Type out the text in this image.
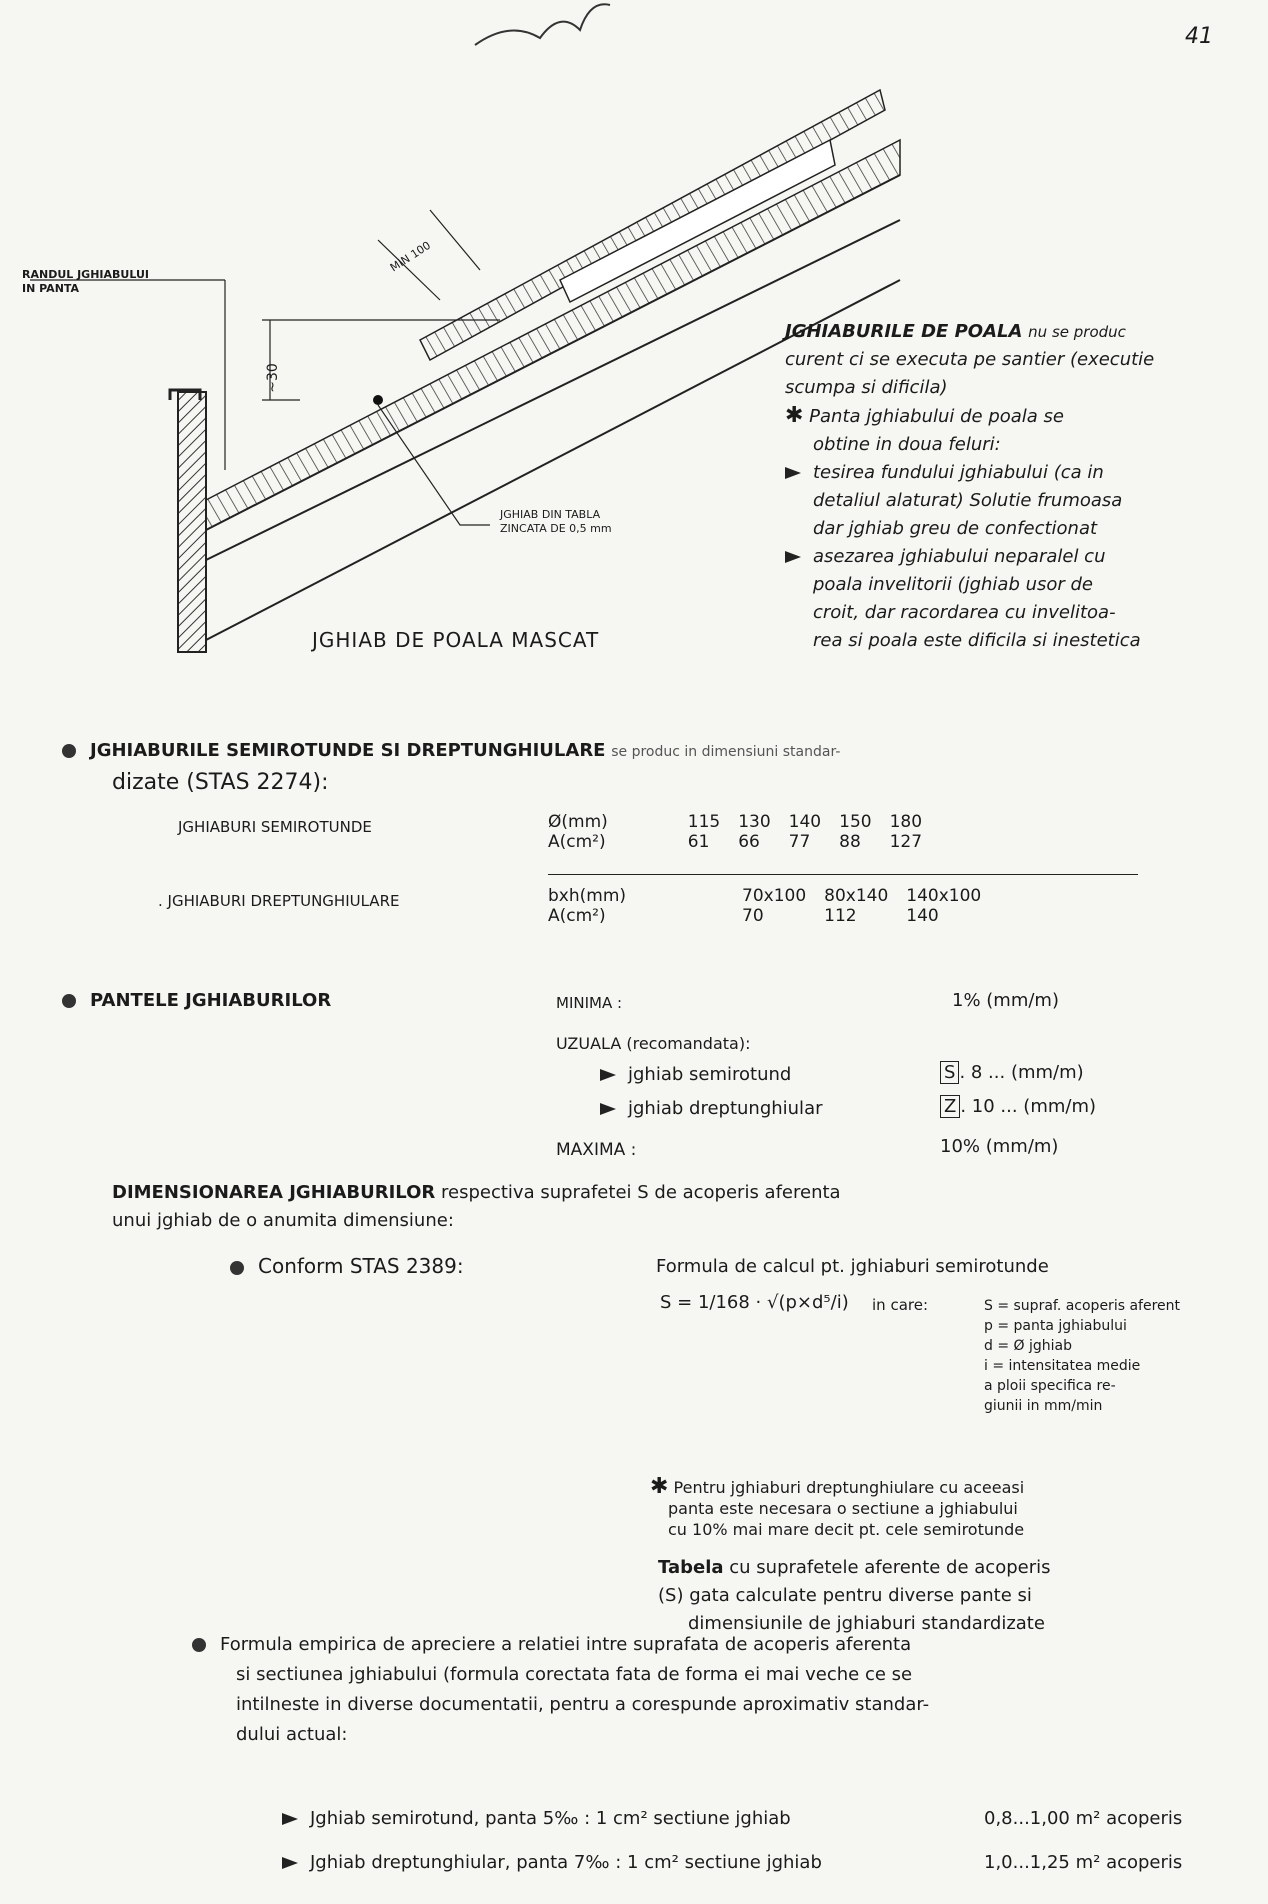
41
RANDUL JGHIABULUI
IN PANTA
MIN 100
~30
JGHIAB DIN TABLA
ZINCATA DE 0,5 mm
JGHIAB DE POALA MASCAT

JGHIABURILE DE POALA nu se produc

curent ci se executa pe santier (executie

scumpa si dificila)

✱ Panta jghiabului de poala se

obtine in doua feluri:

tesirea fundului jghiabului (ca in

detaliul alaturat) Solutie frumoasa

dar jghiab greu de confectionat

asezarea jghiabului neparalel cu

poala invelitorii (jghiab usor de

croit, dar racordarea cu invelitoa-

rea si poala este dificila si inestetica

JGHIABURILE SEMIROTUNDE SI DREPTUNGHIULARE se produc in dimensiuni standar-
dizate (STAS 2274):
JGHIABURI SEMIROTUNDE	Ø(mm)		115	130	140	150	180
A(cm²)		61	66	77	88	127
. JGHIABURI DREPTUNGHIULARE	bxh(mm)		70x100	80x140	140x100
A(cm²)		70	112	140
PANTELE JGHIABURILOR	MINIMA :	1% (mm/m)
UZUALA (recomandata):
jghiab semirotund	S . 8 ... (mm/m)
jghiab dreptunghiular	Z . 10 ... (mm/m)
MAXIMA :	10% (mm/m)
DIMENSIONAREA JGHIABURILOR respectiva suprafetei S de acoperis aferenta
unui jghiab de o anumita dimensiune:
Conform STAS 2389:	Formula de calcul pt. jghiaburi semirotunde
S = 1/168 · √(p×d⁵/i) in care:	S = supraf. acoperis aferent
p = panta jghiabului
d = Ø jghiab
i = intensitatea medie
a ploii specifica re-
giunii in mm/min
✱ Pentru jghiaburi dreptunghiulare cu aceeasi
panta este necesara o sectiune a jghiabului
cu 10% mai mare decit pt. cele semirotunde
Tabela cu suprafetele aferente de acoperis
(S) gata calculate pentru diverse pante si
dimensiunile de jghiaburi standardizate
Formula empirica de apreciere a relatiei intre suprafata de acoperis aferenta
si sectiunea jghiabului (formula corectata fata de forma ei mai veche ce se
intilneste in diverse documentatii, pentru a corespunde aproximativ standar-
dului actual:
Jghiab semirotund, panta 5‰ : 1 cm² sectiune jghiab	0,8...1,00 m² acoperis
Jghiab dreptunghiular, panta 7‰ : 1 cm² sectiune jghiab	1,0...1,25 m² acoperis
